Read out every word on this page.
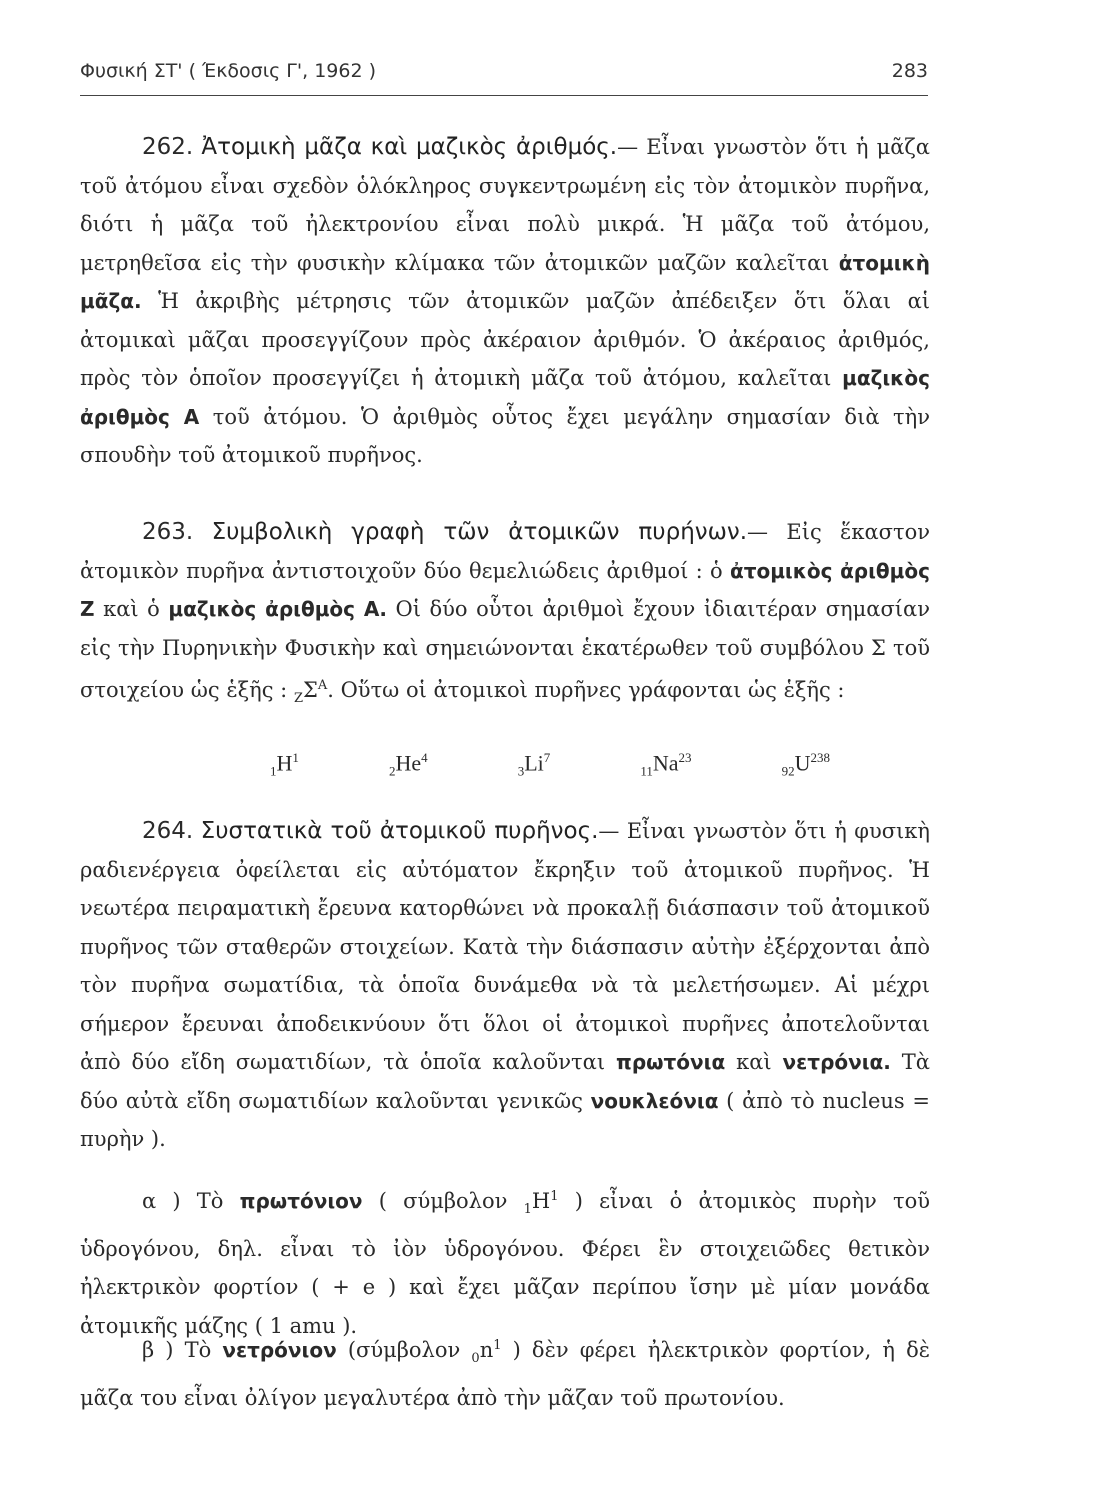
Φυσική ΣΤ' ( Έκδοσις Γ', 1962 )	283
262. Ἀτομικὴ μᾶζα καὶ μαζικὸς ἀριθμός.— Εἶναι γνωστὸν ὅτι ἡ μᾶζα τοῦ ἀτόμου εἶναι σχεδὸν ὁλόκληρος συγκεντρωμένη εἰς τὸν ἀτομικὸν πυρῆνα, διότι ἡ μᾶζα τοῦ ἠλεκτρονίου εἶναι πολὺ μικρά. Ἡ μᾶζα τοῦ ἀτόμου, μετρηθεῖσα εἰς τὴν φυσικὴν κλίμακα τῶν ἀτομικῶν μαζῶν καλεῖται ἀτομικὴ μᾶζα. Ἡ ἀκριβὴς μέτρησις τῶν ἀτομικῶν μαζῶν ἀπέδειξεν ὅτι ὅλαι αἱ ἀτομικαὶ μᾶζαι προσεγγίζουν πρὸς ἀκέραιον ἀριθμόν. Ὁ ἀκέραιος ἀριθμός, πρὸς τὸν ὁποῖον προσεγγίζει ἡ ἀτομικὴ μᾶζα τοῦ ἀτόμου, καλεῖται μαζικὸς ἀριθμὸς Α τοῦ ἀτόμου. Ὁ ἀριθμὸς οὗτος ἔχει μεγάλην σημασίαν διὰ τὴν σπουδὴν τοῦ ἀτομικοῦ πυρῆνος.
263. Συμβολικὴ γραφὴ τῶν ἀτομικῶν πυρήνων.— Εἰς ἕκαστον ἀτομικὸν πυρῆνα ἀντιστοιχοῦν δύο θεμελιώδεις ἀριθμοί : ὁ ἀτομικὸς ἀριθμὸς Ζ καὶ ὁ μαζικὸς ἀριθμὸς Α. Οἱ δύο οὗτοι ἀριθμοὶ ἔχουν ἰδιαιτέραν σημασίαν εἰς τὴν Πυρηνικὴν Φυσικὴν καὶ σημειώνονται ἑκατέρωθεν τοῦ συμβόλου Σ τοῦ στοιχείου ὡς ἑξῆς : $_Z\Sigma^A$. Οὕτω οἱ ἀτομικοὶ πυρῆνες γράφονται ὡς ἑξῆς :
$_1H^1$
$_2He^4$
$_3Li^7$
$_{11}Na^{23}$
$_{92}U^{238}$
264. Συστατικὰ τοῦ ἀτομικοῦ πυρῆνος.— Εἶναι γνωστὸν ὅτι ἡ φυσικὴ ραδιενέργεια ὀφείλεται εἰς αὐτόματον ἔκρηξιν τοῦ ἀτομικοῦ πυρῆνος. Ἡ νεωτέρα πειραματικὴ ἔρευνα κατορθώνει νὰ προκαλῇ διάσπασιν τοῦ ἀτομικοῦ πυρῆνος τῶν σταθερῶν στοιχείων. Κατὰ τὴν διάσπασιν αὐτὴν ἐξέρχονται ἀπὸ τὸν πυρῆνα σωματίδια, τὰ ὁποῖα δυνάμεθα νὰ τὰ μελετήσωμεν. Αἱ μέχρι σήμερον ἔρευναι ἀποδεικνύουν ὅτι ὅλοι οἱ ἀτομικοὶ πυρῆνες ἀποτελοῦνται ἀπὸ δύο εἴδη σωματιδίων, τὰ ὁποῖα καλοῦνται πρωτόνια καὶ νετρόνια. Τὰ δύο αὐτὰ εἴδη σωματιδίων καλοῦνται γενικῶς νουκλεόνια ( ἀπὸ τὸ nucleus = πυρὴν ).
α ) Τὸ πρωτόνιον ( σύμβολον $_1H^1$ ) εἶναι ὁ ἀτομικὸς πυρὴν τοῦ ὑδρογόνου, δηλ. εἶναι τὸ ἰὸν ὑδρογόνου. Φέρει ἓν στοιχειῶδες θετικὸν ἠλεκτρικὸν φορτίον ( + e ) καὶ ἔχει μᾶζαν περίπου ἴσην μὲ μίαν μονάδα ἀτομικῆς μάζης ( 1 amu ).
β ) Τὸ νετρόνιον (σύμβολον $_0n^1$ ) δὲν φέρει ἠλεκτρικὸν φορτίον, ἡ δὲ μᾶζα του εἶναι ὀλίγον μεγαλυτέρα ἀπὸ τὴν μᾶζαν τοῦ πρωτονίου.
